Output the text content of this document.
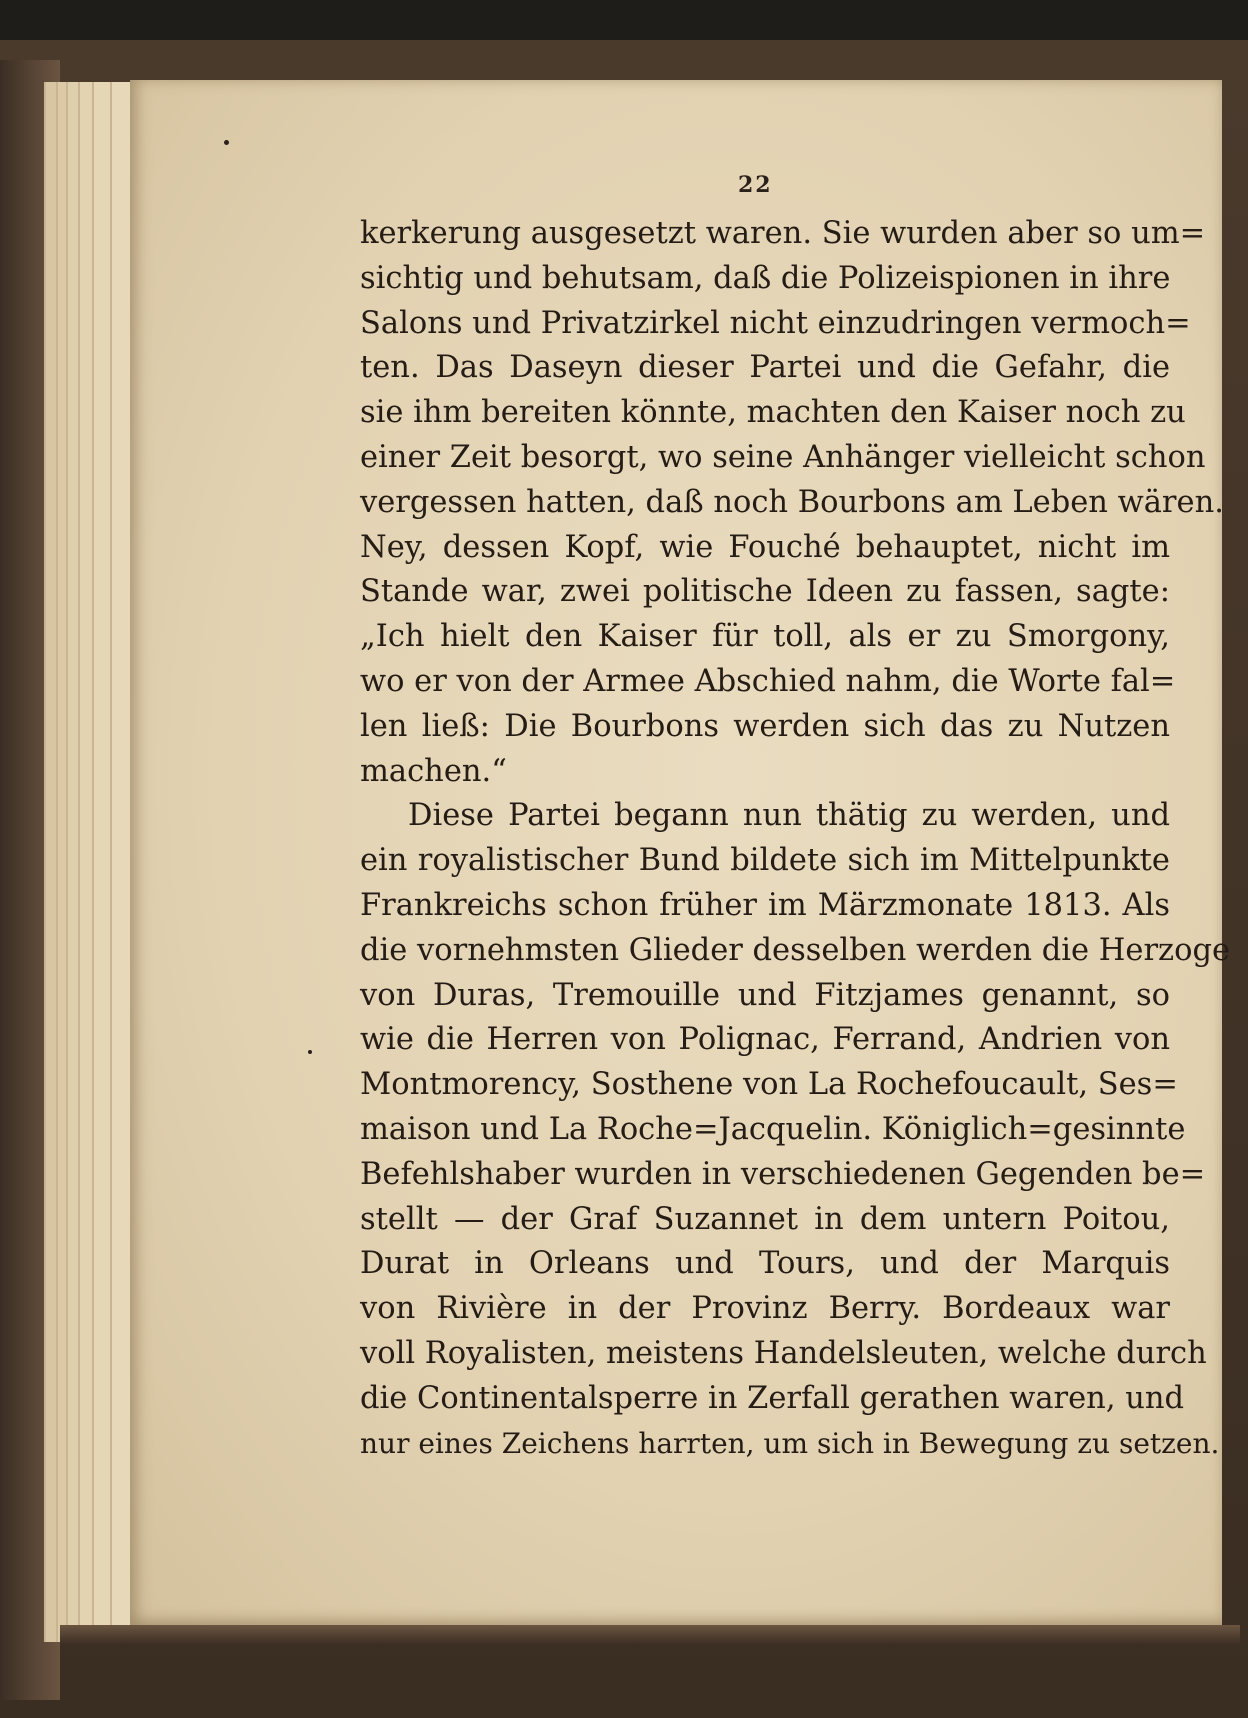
22
kerkerung ausgesetzt waren. Sie wurden aber so um=
sichtig und behutsam, daß die Polizeispionen in ihre
Salons und Privatzirkel nicht einzudringen vermoch=
ten. Das Daseyn dieser Partei und die Gefahr, die
sie ihm bereiten könnte, machten den Kaiser noch zu
einer Zeit besorgt, wo seine Anhänger vielleicht schon
vergessen hatten, daß noch Bourbons am Leben wären.
Ney, dessen Kopf, wie Fouché behauptet, nicht im
Stande war, zwei politische Ideen zu fassen, sagte:
„Ich hielt den Kaiser für toll, als er zu Smorgony,
wo er von der Armee Abschied nahm, die Worte fal=
len ließ: Die Bourbons werden sich das zu Nutzen
machen.“
Diese Partei begann nun thätig zu werden, und
ein royalistischer Bund bildete sich im Mittelpunkte
Frankreichs schon früher im Märzmonate 1813. Als
die vornehmsten Glieder desselben werden die Herzoge
von Duras, Tremouille und Fitzjames genannt, so
wie die Herren von Polignac, Ferrand, Andrien von
Montmorency, Sosthene von La Rochefoucault, Ses=
maison und La Roche=Jacquelin. Königlich=gesinnte
Befehlshaber wurden in verschiedenen Gegenden be=
stellt — der Graf Suzannet in dem untern Poitou,
Durat in Orleans und Tours, und der Marquis
von Rivière in der Provinz Berry. Bordeaux war
voll Royalisten, meistens Handelsleuten, welche durch
die Continentalsperre in Zerfall gerathen waren, und
nur eines Zeichens harrten, um sich in Bewegung zu setzen.
